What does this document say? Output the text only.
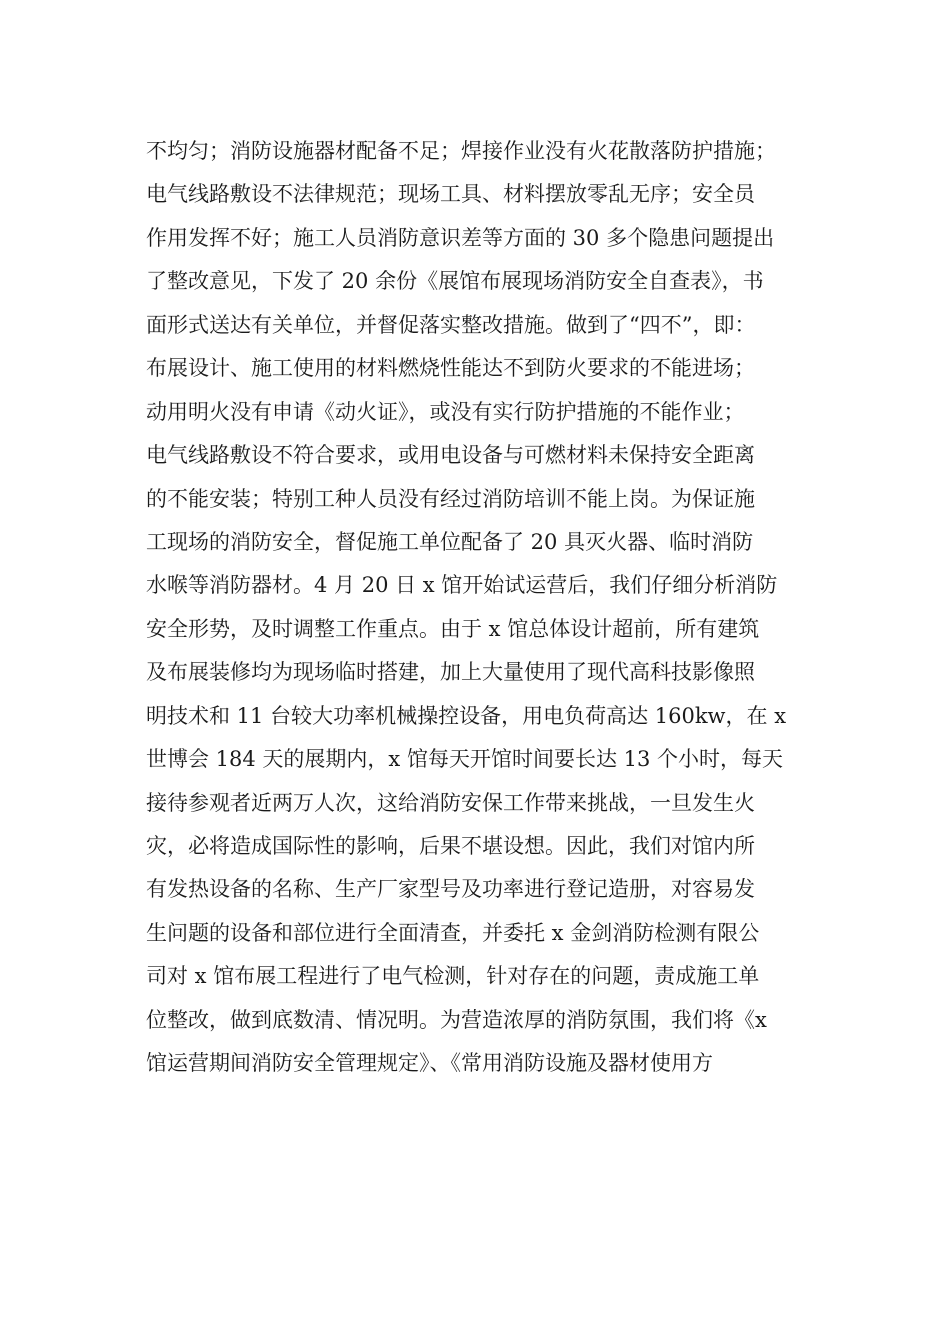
不均匀；消防设施器材配备不足；焊接作业没有火花散落防护措施；
电气线路敷设不法律规范；现场工具、材料摆放零乱无序；安全员
作用发挥不好；施工人员消防意识差等方面的 30 多个隐患问题提出
了整改意见，下发了 20 余份《展馆布展现场消防安全自查表》，书
面形式送达有关单位，并督促落实整改措施。做到了“四不”，即：
布展设计、施工使用的材料燃烧性能达不到防火要求的不能进场；
动用明火没有申请《动火证》，或没有实行防护措施的不能作业；
电气线路敷设不符合要求，或用电设备与可燃材料未保持安全距离
的不能安装；特别工种人员没有经过消防培训不能上岗。为保证施
工现场的消防安全，督促施工单位配备了 20 具灭火器、临时消防
水喉等消防器材。4 月 20 日 x 馆开始试运营后，我们仔细分析消防
安全形势，及时调整工作重点。由于 x 馆总体设计超前，所有建筑
及布展装修均为现场临时搭建，加上大量使用了现代高科技影像照
明技术和 11 台较大功率机械操控设备，用电负荷高达 160kw，在 x
世博会 184 天的展期内，x 馆每天开馆时间要长达 13 个小时，每天
接待参观者近两万人次，这给消防安保工作带来挑战，一旦发生火
灾，必将造成国际性的影响，后果不堪设想。因此，我们对馆内所
有发热设备的名称、生产厂家型号及功率进行登记造册，对容易发
生问题的设备和部位进行全面清查，并委托 x 金剑消防检测有限公
司对 x 馆布展工程进行了电气检测，针对存在的问题，责成施工单
位整改，做到底数清、情况明。为营造浓厚的消防氛围，我们将《x
馆运营期间消防安全管理规定》、《常用消防设施及器材使用方
